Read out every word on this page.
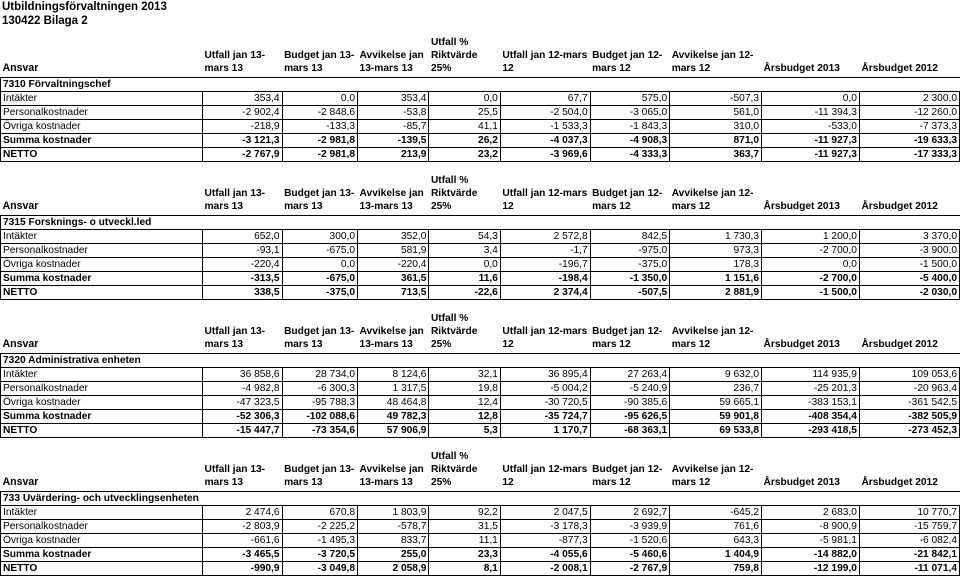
Utbildningsförvaltningen 2013
130422 Bilaga 2
Ansvar	Utfall jan 13-mars 13	Budget jan 13-mars 13	Avvikelse jan 13-mars 13	Utfall % Riktvärde 25%	Utfall jan 12-mars 12	Budget jan 12-mars 12	Avvikelse jan 12-mars 12	Årsbudget 2013	Årsbudget 2012
7310 Förvaltningschef									
Intäkter	353,4	0,0	353,4	0,0	67,7	575,0	-507,3	0,0	2 300,0
Personalkostnader	-2 902,4	-2 848,6	-53,8	25,5	-2 504,0	-3 065,0	561,0	-11 394,3	-12 260,0
Övriga kostnader	-218,9	-133,3	-85,7	41,1	-1 533,3	-1 843,3	310,0	-533,0	-7 373,3
Summa kostnader	-3 121,3	-2 981,8	-139,5	26,2	-4 037,3	-4 908,3	871,0	-11 927,3	-19 633,3
NETTO	-2 767,9	-2 981,8	213,9	23,2	-3 969,6	-4 333,3	363,7	-11 927,3	-17 333,3
Ansvar	Utfall jan 13-mars 13	Budget jan 13-mars 13	Avvikelse jan 13-mars 13	Utfall % Riktvärde 25%	Utfall jan 12-mars 12	Budget jan 12-mars 12	Avvikelse jan 12-mars 12	Årsbudget 2013	Årsbudget 2012
7315 Forsknings- o utveckl.led									
Intäkter	652,0	300,0	352,0	54,3	2 572,8	842,5	1 730,3	1 200,0	3 370,0
Personalkostnader	-93,1	-675,0	581,9	3,4	-1,7	-975,0	973,3	-2 700,0	-3 900,0
Övriga kostnader	-220,4	0,0	-220,4	0,0	-196,7	-375,0	178,3	0,0	-1 500,0
Summa kostnader	-313,5	-675,0	361,5	11,6	-198,4	-1 350,0	1 151,6	-2 700,0	-5 400,0
NETTO	338,5	-375,0	713,5	-22,6	2 374,4	-507,5	2 881,9	-1 500,0	-2 030,0
Ansvar	Utfall jan 13-mars 13	Budget jan 13-mars 13	Avvikelse jan 13-mars 13	Utfall % Riktvärde 25%	Utfall jan 12-mars 12	Budget jan 12-mars 12	Avvikelse jan 12-mars 12	Årsbudget 2013	Årsbudget 2012
7320 Administrativa enheten									
Intäkter	36 858,6	28 734,0	8 124,6	32,1	36 895,4	27 263,4	9 632,0	114 935,9	109 053,6
Personalkostnader	-4 982,8	-6 300,3	1 317,5	19,8	-5 004,2	-5 240,9	236,7	-25 201,3	-20 963,4
Övriga kostnader	-47 323,5	-95 788,3	48 464,8	12,4	-30 720,5	-90 385,6	59 665,1	-383 153,1	-361 542,5
Summa kostnader	-52 306,3	-102 088,6	49 782,3	12,8	-35 724,7	-95 626,5	59 901,8	-408 354,4	-382 505,9
NETTO	-15 447,7	-73 354,6	57 906,9	5,3	1 170,7	-68 363,1	69 533,8	-293 418,5	-273 452,3
Ansvar	Utfall jan 13-mars 13	Budget jan 13-mars 13	Avvikelse jan 13-mars 13	Utfall % Riktvärde 25%	Utfall jan 12-mars 12	Budget jan 12-mars 12	Avvikelse jan 12-mars 12	Årsbudget 2013	Årsbudget 2012
733 Uvärdering- och utvecklingsenheten									
Intäkter	2 474,6	670,8	1 803,9	92,2	2 047,5	2 692,7	-645,2	2 683,0	10 770,7
Personalkostnader	-2 803,9	-2 225,2	-578,7	31,5	-3 178,3	-3 939,9	761,6	-8 900,9	-15 759,7
Övriga kostnader	-661,6	-1 495,3	833,7	11,1	-877,3	-1 520,6	643,3	-5 981,1	-6 082,4
Summa kostnader	-3 465,5	-3 720,5	255,0	23,3	-4 055,6	-5 460,6	1 404,9	-14 882,0	-21 842,1
NETTO	-990,9	-3 049,8	2 058,9	8,1	-2 008,1	-2 767,9	759,8	-12 199,0	-11 071,4
